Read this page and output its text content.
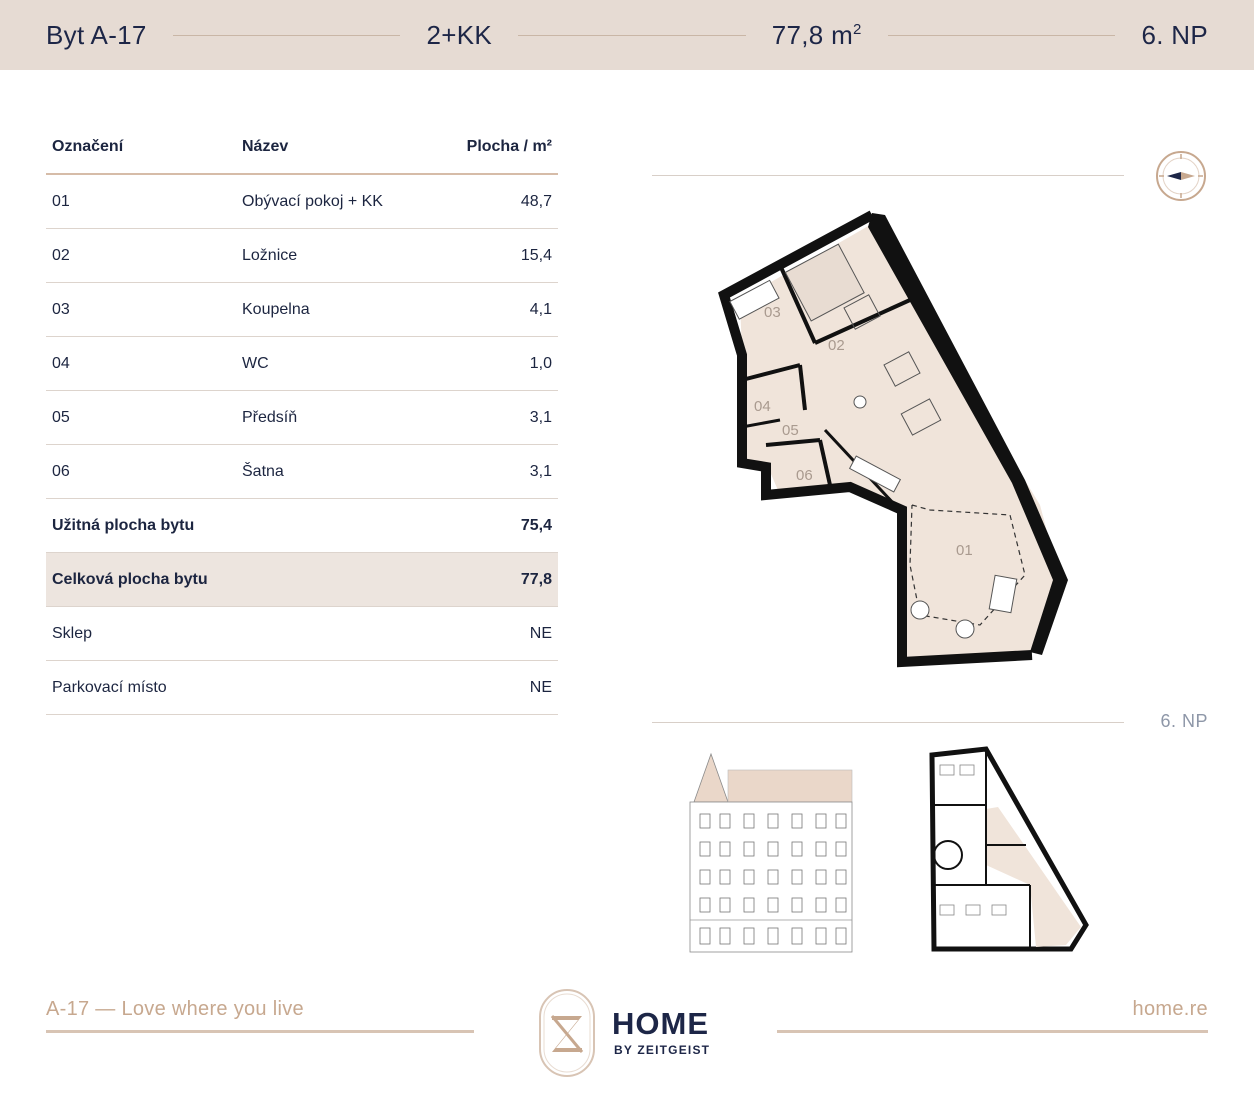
Byt A-17	2+KK	77,8 $m^2$	6. NP
Označení	Název	Plocha / m²
01	Obývací pokoj + KK	48,7
02	Ložnice	15,4
03	Koupelna	4,1
04	WC	1,0
05	Předsíň	3,1
06	Šatna	3,1
Užitná plocha bytu	75,4
Celková plocha bytu	77,8
Sklep	NE
Parkovací místo	NE
01
02
03
04
05
06
6. NP
A-17 — Love where you live	HOME
BY ZEITGEIST
home.re
